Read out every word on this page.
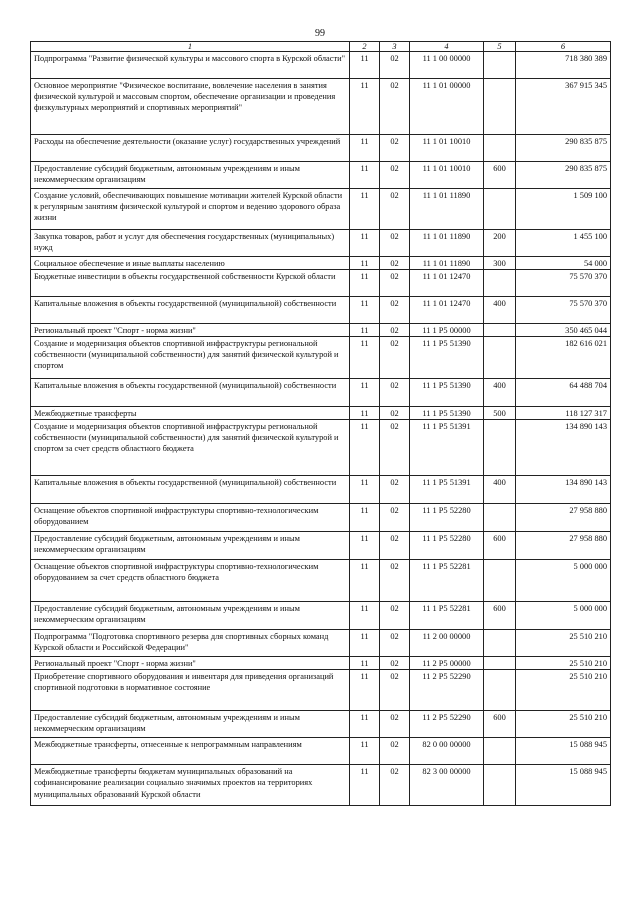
99
1	2	3	4	5	6
Подпрограмма "Развитие физической культуры и массового спорта в Курской области"	11	02	11 1 00 00000		718 380 389
Основное мероприятие "Физическое воспитание, вовлечение населения в занятия физической культурой и массовым спортом, обеспечение организации и проведения физкультурных мероприятий и спортивных мероприятий"	11	02	11 1 01 00000		367 915 345
Расходы на обеспечение деятельности (оказание услуг) государственных учреждений	11	02	11 1 01 10010		290 835 875
Предоставление субсидий бюджетным, автономным учреждениям и иным некоммерческим организациям	11	02	11 1 01 10010	600	290 835 875
Создание условий, обеспечивающих повышение мотивации жителей Курской области к регулярным занятиям физической культурой и спортом и ведению здорового образа жизни	11	02	11 1 01 11890		1 509 100
Закупка товаров, работ и услуг для обеспечения государственных (муниципальных) нужд	11	02	11 1 01 11890	200	1 455 100
Социальное обеспечение и иные выплаты населению	11	02	11 1 01 11890	300	54 000
Бюджетные инвестиции в объекты государственной собственности Курской области	11	02	11 1 01 12470		75 570 370
Капитальные вложения в объекты государственной (муниципальной) собственности	11	02	11 1 01 12470	400	75 570 370
Региональный проект "Спорт - норма жизни"	11	02	11 1 P5 00000		350 465 044
Создание и модернизация объектов спортивной инфраструктуры региональной собственности (муниципальной собственности) для занятий физической культурой и спортом	11	02	11 1 P5 51390		182 616 021
Капитальные вложения в объекты государственной (муниципальной) собственности	11	02	11 1 P5 51390	400	64 488 704
Межбюджетные трансферты	11	02	11 1 P5 51390	500	118 127 317
Создание и модернизация объектов спортивной инфраструктуры региональной собственности (муниципальной собственности) для занятий физической культурой и спортом за счет средств областного бюджета	11	02	11 1 P5 51391		134 890 143
Капитальные вложения в объекты государственной (муниципальной) собственности	11	02	11 1 P5 51391	400	134 890 143
Оснащение объектов спортивной инфраструктуры спортивно-технологическим оборудованием	11	02	11 1 P5 52280		27 958 880
Предоставление субсидий бюджетным, автономным учреждениям и иным некоммерческим организациям	11	02	11 1 P5 52280	600	27 958 880
Оснащение объектов спортивной инфраструктуры спортивно-технологическим оборудованием за счет средств областного бюджета	11	02	11 1 P5 52281		5 000 000
Предоставление субсидий бюджетным, автономным учреждениям и иным некоммерческим организациям	11	02	11 1 P5 52281	600	5 000 000
Подпрограмма "Подготовка спортивного резерва для спортивных сборных команд Курской области и Российской Федерации"	11	02	11 2 00 00000		25 510 210
Региональный проект "Спорт - норма жизни"	11	02	11 2 P5 00000		25 510 210
Приобретение спортивного оборудования и инвентаря для приведения организаций спортивной подготовки в нормативное состояние	11	02	11 2 P5 52290		25 510 210
Предоставление субсидий бюджетным, автономным учреждениям и иным некоммерческим организациям	11	02	11 2 P5 52290	600	25 510 210
Межбюджетные трансферты, отнесенные к непрограммным направлениям	11	02	82 0 00 00000		15 088 945
Межбюджетные трансферты бюджетам муниципальных образований на софинансирование реализации социально значимых проектов на территориях муниципальных образований Курской области	11	02	82 3 00 00000		15 088 945
